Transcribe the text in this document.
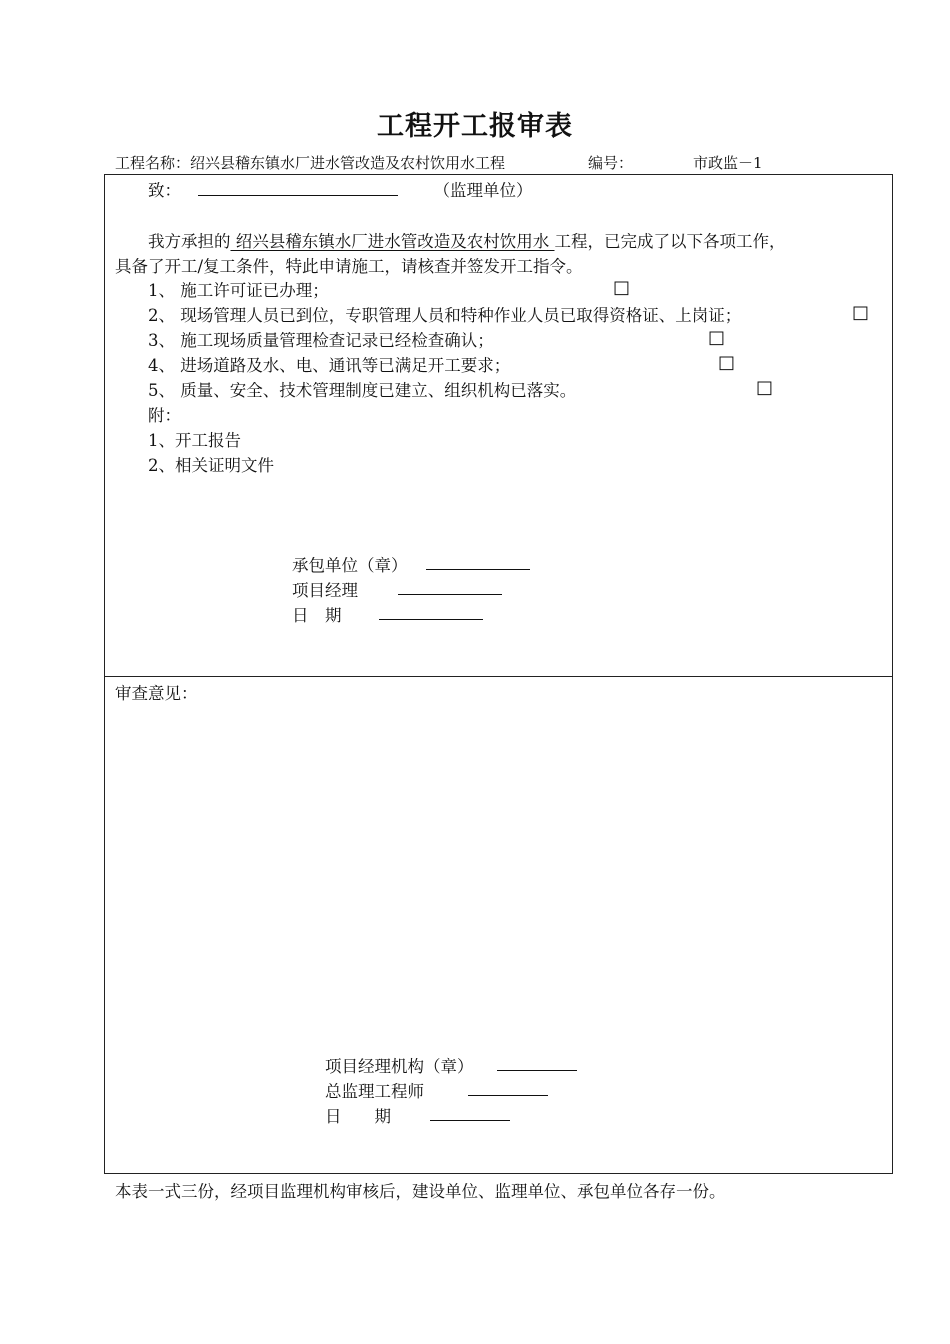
工程开工报审表
工程名称：绍兴县稽东镇水厂进水管改造及农村饮用水工程	编号：	市政监－1
致：	（监理单位）
我方承担的 绍兴县稽东镇水厂进水管改造及农村饮用水 工程，已完成了以下各项工作，
具备了开工/复工条件，特此申请施工，请核查并签发开工指令。
1、 施工许可证已办理；	□
2、 现场管理人员已到位，专职管理人员和特种作业人员已取得资格证、上岗证；	□
3、 施工现场质量管理检查记录已经检查确认；	□
4、 进场道路及水、电、通讯等已满足开工要求；	□
5、 质量、安全、技术管理制度已建立、组织机构已落实。	□
附：
1、开工报告
2、相关证明文件
承包单位（章）
项目经理
日　期
审查意见：
项目经理机构（章）
总监理工程师
日　　期
本表一式三份，经项目监理机构审核后，建设单位、监理单位、承包单位各存一份。
